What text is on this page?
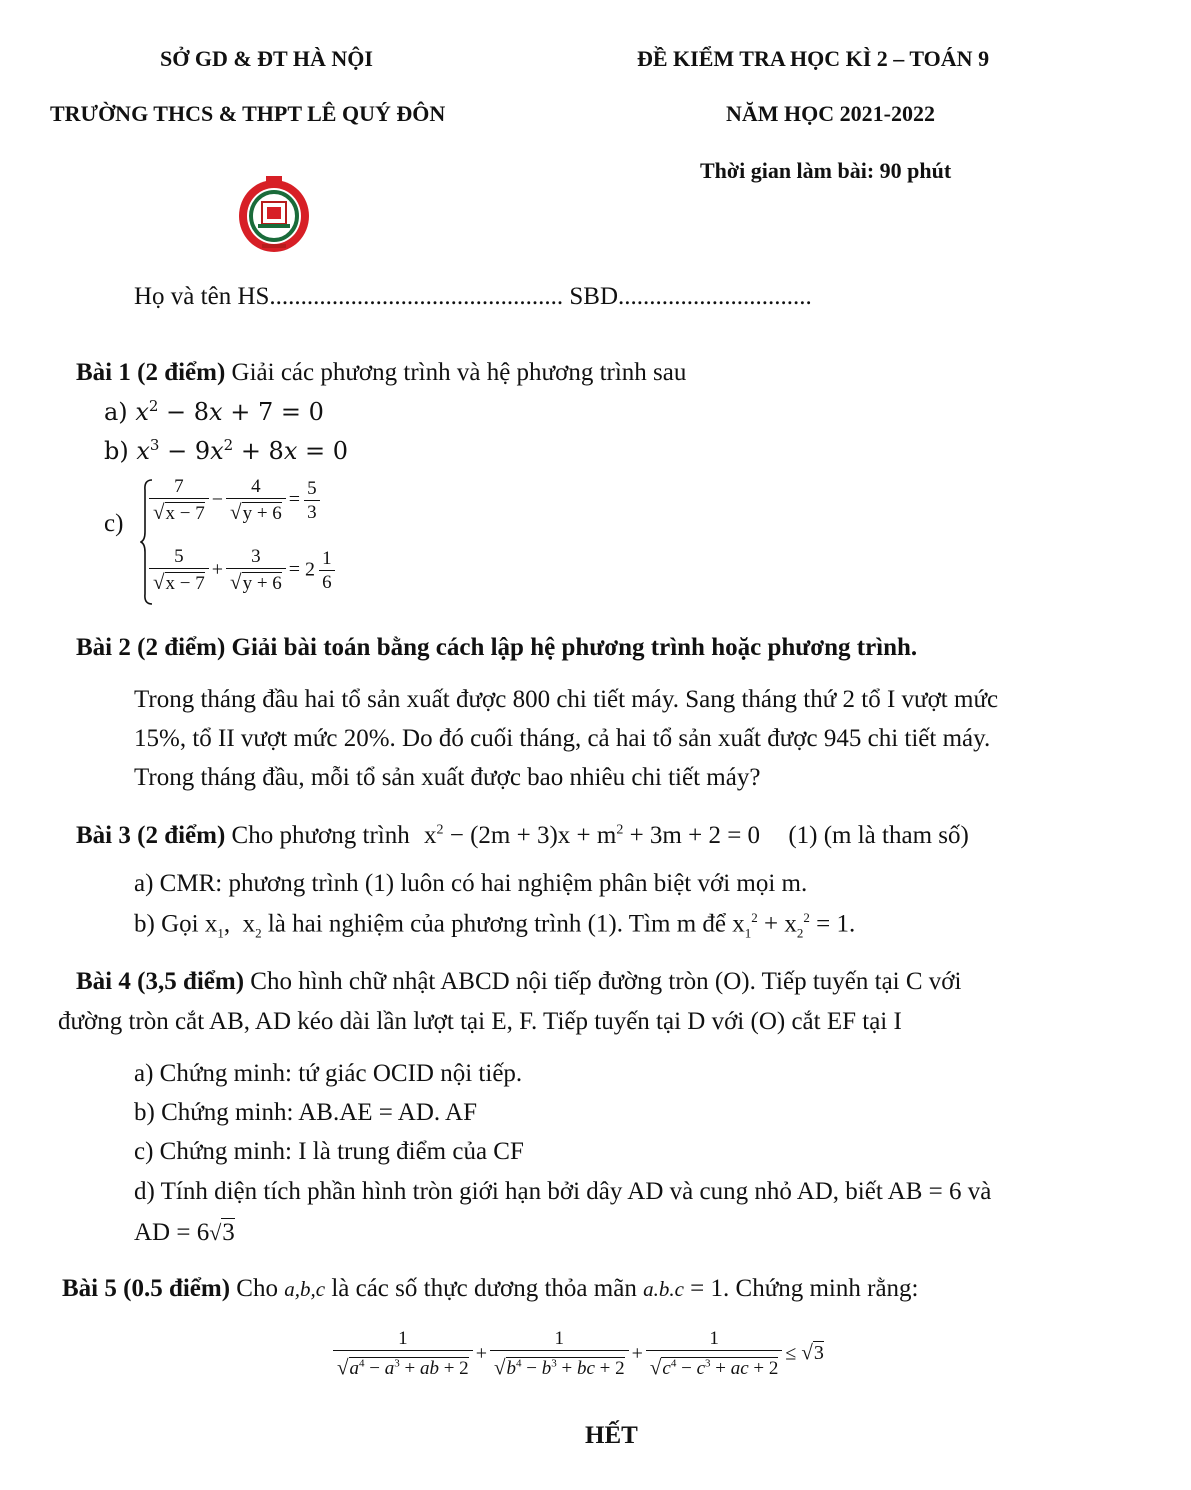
SỞ GD & ĐT HÀ NỘI
TRƯỜNG THCS & THPT LÊ QUÝ ĐÔN
ĐỀ KIỂM TRA HỌC KÌ 2 – TOÁN 9
NĂM HỌC 2021-2022
Thời gian làm bài: 90 phút
Họ và tên HS............................................... SBD...............................
Bài 1 (2 điểm) Giải các phương trình và hệ phương trình sau
a) $x^2 - 8x + 7 = 0$
b) $x^3 - 9x^2 + 8x = 0$
$c) \frac{7}{√x - 7} - \frac{4}{√y + 6} = \frac{5}{3}$
$\frac{5}{√x - 7} + \frac{3}{√y + 6} = 2 \frac{1}{6}$
Bài 2 (2 điểm) Giải bài toán bằng cách lập hệ phương trình hoặc phương trình.
Trong tháng đầu hai tổ sản xuất được 800 chi tiết máy. Sang tháng thứ 2 tổ I vượt mức
15%, tổ II vượt mức 20%. Do đó cuối tháng, cả hai tổ sản xuất được 945 chi tiết máy.
Trong tháng đầu, mỗi tổ sản xuất được bao nhiêu chi tiết máy?
Bài 3 (2 điểm) Cho phương trình $x^2 - (2m + 3)x + m^2 + 3m + 2 = 0$ (1) (m là tham số)
a) CMR: phương trình (1) luôn có hai nghiệm phân biệt với mọi m.
b) Gọi $x_1$,  $x_2$ là hai nghiệm của phương trình (1). Tìm m để $x_1^2 + x_2^2 = 1$.
Bài 4 (3,5 điểm) Cho hình chữ nhật ABCD nội tiếp đường tròn (O). Tiếp tuyến tại C với
đường tròn cắt AB, AD kéo dài lần lượt tại E, F. Tiếp tuyến tại D với (O) cắt EF tại I
a) Chứng minh: tứ giác OCID nội tiếp.
b) Chứng minh: AB.AE = AD. AF
c) Chứng minh: I là trung điểm của CF
d) Tính diện tích phần hình tròn giới hạn bởi dây AD và cung nhỏ AD, biết AB = 6 và
AD = 6√3
Bài 5 (0.5 điểm) Cho a,b,c là các số thực dương thỏa mãn a.b.c = 1. Chứng minh rằng:
$\frac{1}{√a^4 - a^3 + ab + 2} + \frac{1}{√b^4 - b^3 + bc + 2} + \frac{1}{√c^4 - c^3 + ac + 2} \le √3$
HẾT
